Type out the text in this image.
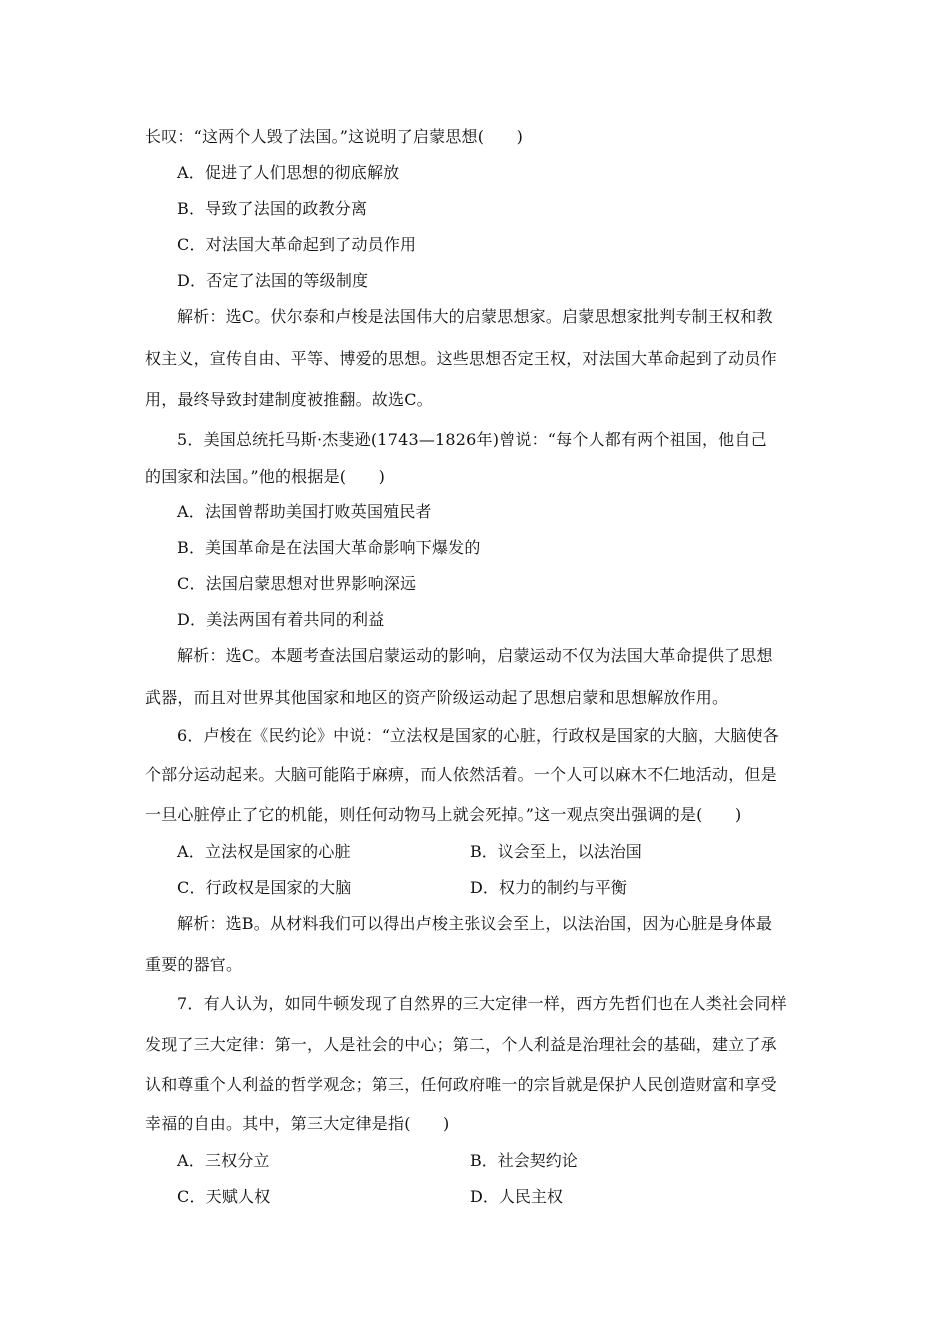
长叹：“这两个人毁了法国。”这说明了启蒙思想(　　)
A．促进了人们思想的彻底解放
B．导致了法国的政教分离
C．对法国大革命起到了动员作用
D．否定了法国的等级制度
解析：选C。伏尔泰和卢梭是法国伟大的启蒙思想家。启蒙思想家批判专制王权和教
权主义，宣传自由、平等、博爱的思想。这些思想否定王权，对法国大革命起到了动员作
用，最终导致封建制度被推翻。故选C。
5．美国总统托马斯·杰斐逊(1743—1826年)曾说：“每个人都有两个祖国，他自己
的国家和法国。”他的根据是(　　)
A．法国曾帮助美国打败英国殖民者
B．美国革命是在法国大革命影响下爆发的
C．法国启蒙思想对世界影响深远
D．美法两国有着共同的利益
解析：选C。本题考查法国启蒙运动的影响，启蒙运动不仅为法国大革命提供了思想
武器，而且对世界其他国家和地区的资产阶级运动起了思想启蒙和思想解放作用。
6．卢梭在《民约论》中说：“立法权是国家的心脏，行政权是国家的大脑，大脑使各
个部分运动起来。大脑可能陷于麻痹，而人依然活着。一个人可以麻木不仁地活动，但是
一旦心脏停止了它的机能，则任何动物马上就会死掉。”这一观点突出强调的是(　　)
A．立法权是国家的心脏	B．议会至上，以法治国
C．行政权是国家的大脑	D．权力的制约与平衡
解析：选B。从材料我们可以得出卢梭主张议会至上，以法治国，因为心脏是身体最
重要的器官。
7．有人认为，如同牛顿发现了自然界的三大定律一样，西方先哲们也在人类社会同样
发现了三大定律：第一，人是社会的中心；第二，个人利益是治理社会的基础，建立了承
认和尊重个人利益的哲学观念；第三，任何政府唯一的宗旨就是保护人民创造财富和享受
幸福的自由。其中，第三大定律是指(　　)
A．三权分立	B．社会契约论
C．天赋人权	D．人民主权
